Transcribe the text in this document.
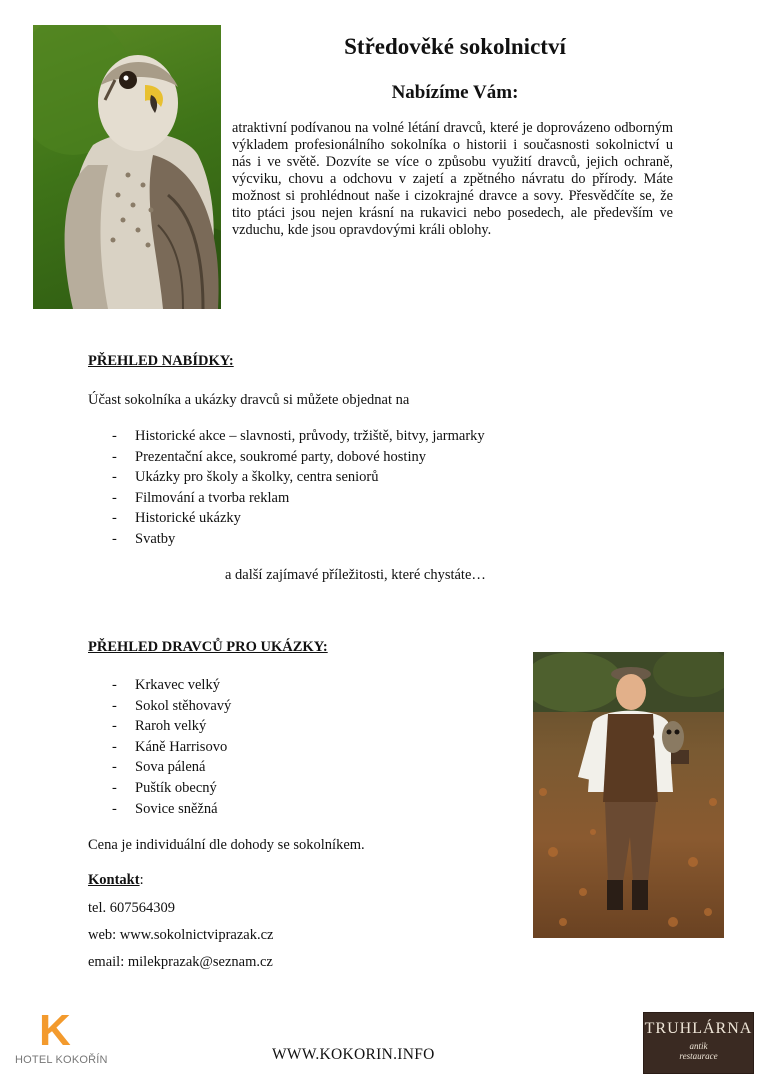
Středověké sokolnictví
Nabízíme Vám:
atraktivní podívanou na volné létání dravců, které je doprovázeno odborným výkladem profesionálního sokolníka o historii i současnosti sokolnictví u nás i ve světě. Dozvíte se více o způsobu využití dravců, jejich ochraně, výcviku, chovu a odchovu v zajetí a zpětného návratu do přírody. Máte možnost si prohlédnout naše i cizokrajné dravce a sovy. Přesvědčíte se, že tito ptáci jsou nejen krásní na rukavici nebo posedech, ale především ve vzduchu, kde jsou opravdovými králi oblohy.
PŘEHLED NABÍDKY:
Účast sokolníka a ukázky dravců si můžete objednat na
- Historické akce – slavnosti, průvody, tržiště, bitvy, jarmarky
- Prezentační akce, soukromé party, dobové hostiny
- Ukázky pro školy a školky, centra seniorů
- Filmování a tvorba reklam
- Historické ukázky
- Svatby
a další zajímavé příležitosti, které chystáte…
PŘEHLED DRAVCŮ PRO UKÁZKY:
- Krkavec velký
- Sokol stěhovavý
- Raroh velký
- Káně Harrisovo
- Sova pálená
- Puštík obecný
- Sovice sněžná
Cena je individuální dle dohody se sokolníkem.
Kontakt:
tel. 607564309
web: www.sokolnictviprazak.cz
email: milekprazak@seznam.cz
K
HOTEL KOKOŘÍN	WWW.KOKORIN.INFO
TRUHLÁRNA
antik
restaurace
